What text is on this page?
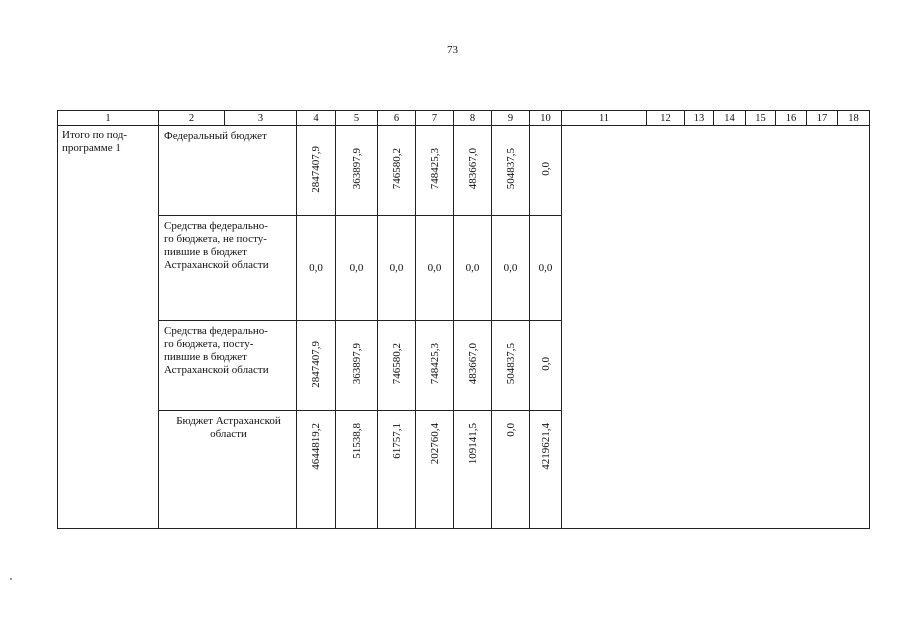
73
1	2	3	4	5	6	7	8	9	10	11	12	13	14	15	16	17	18
Итого по под-
программе 1	Федеральный бюджет		2847407,9	363897,9	746580,2	748425,3	483667,0	504837,5	0,0								
	Средства федерально-
го бюджета, не посту-
пившие в бюджет
Астраханской области		0,0	0,0	0,0	0,0	0,0	0,0	0,0								
	Средства федерально-
го бюджета, посту-
пившие в бюджет
Астраханской области		2847407,9	363897,9	746580,2	748425,3	483667,0	504837,5	0,0								
	Бюджет Астраханской
области		4644819,2	51538,8	61757,1	202760,4	109141,5	0,0	4219621,4								
